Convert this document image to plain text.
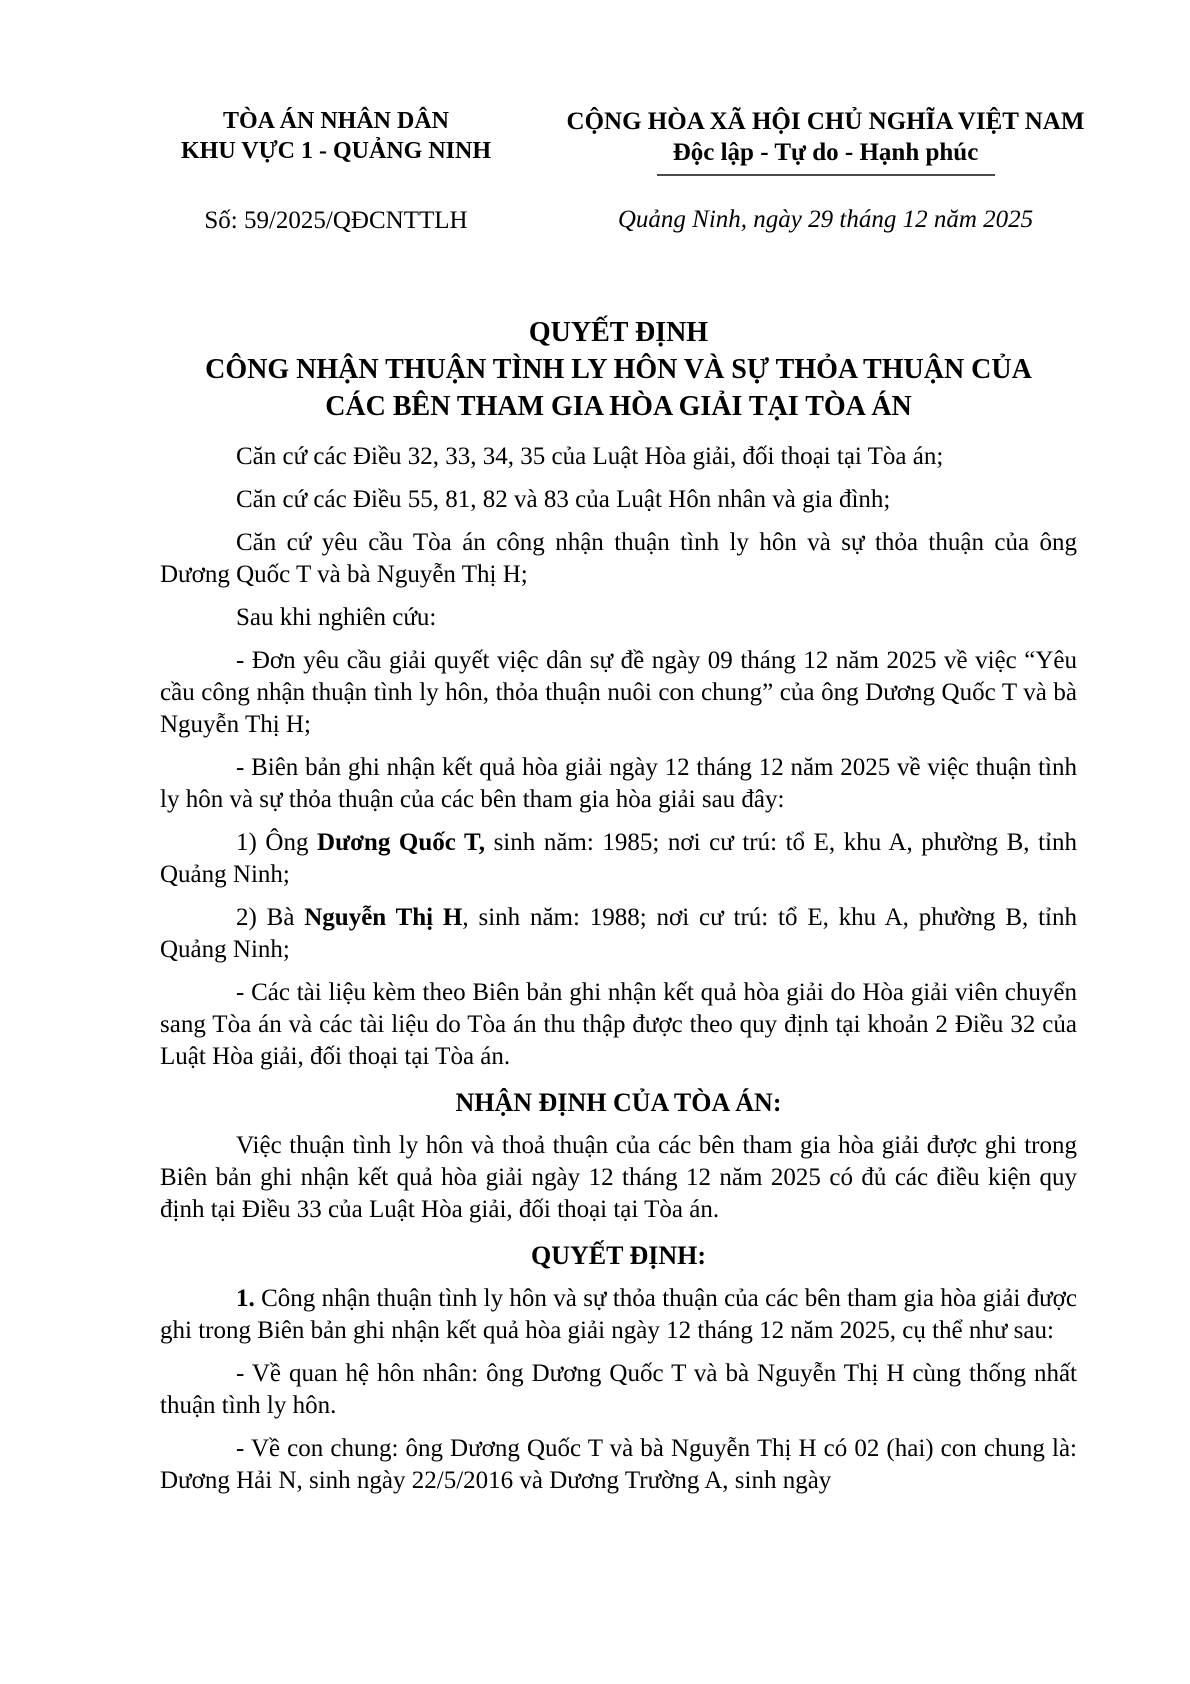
TÒA ÁN NHÂN DÂN
KHU VỰC 1 - QUẢNG NINH
Số: 59/2025/QĐCNTTLH
CỘNG HÒA XÃ HỘI CHỦ NGHĨA VIỆT NAM
Độc lập - Tự do - Hạnh phúc
Quảng Ninh, ngày 29 tháng 12 năm 2025
QUYẾT ĐỊNH
CÔNG NHẬN THUẬN TÌNH LY HÔN VÀ SỰ THỎA THUẬN CỦA
CÁC BÊN THAM GIA HÒA GIẢI TẠI TÒA ÁN

Căn cứ các Điều 32, 33, 34, 35 của Luật Hòa giải, đối thoại tại Tòa án;

Căn cứ các Điều 55, 81, 82 và 83 của Luật Hôn nhân và gia đình;

Căn cứ yêu cầu Tòa án công nhận thuận tình ly hôn và sự thỏa thuận của ông Dương Quốc T và bà Nguyễn Thị H;

Sau khi nghiên cứu:

- Đơn yêu cầu giải quyết việc dân sự đề ngày 09 tháng 12 năm 2025 về việc “Yêu cầu công nhận thuận tình ly hôn, thỏa thuận nuôi con chung” của ông Dương Quốc T và bà Nguyễn Thị H;

- Biên bản ghi nhận kết quả hòa giải ngày 12 tháng 12 năm 2025 về việc thuận tình ly hôn và sự thỏa thuận của các bên tham gia hòa giải sau đây:

1) Ông Dương Quốc T, sinh năm: 1985; nơi cư trú: tổ E, khu A, phường B, tỉnh Quảng Ninh;

2) Bà Nguyễn Thị H, sinh năm: 1988; nơi cư trú: tổ E, khu A, phường B, tỉnh Quảng Ninh;

- Các tài liệu kèm theo Biên bản ghi nhận kết quả hòa giải do Hòa giải viên chuyển sang Tòa án và các tài liệu do Tòa án thu thập được theo quy định tại khoản 2 Điều 32 của Luật Hòa giải, đối thoại tại Tòa án.

NHẬN ĐỊNH CỦA TÒA ÁN:

Việc thuận tình ly hôn và thoả thuận của các bên tham gia hòa giải được ghi trong Biên bản ghi nhận kết quả hòa giải ngày 12 tháng 12 năm 2025 có đủ các điều kiện quy định tại Điều 33 của Luật Hòa giải, đối thoại tại Tòa án.

QUYẾT ĐỊNH:

1. Công nhận thuận tình ly hôn và sự thỏa thuận của các bên tham gia hòa giải được ghi trong Biên bản ghi nhận kết quả hòa giải ngày 12 tháng 12 năm 2025, cụ thể như sau:

- Về quan hệ hôn nhân: ông Dương Quốc T và bà Nguyễn Thị H cùng thống nhất thuận tình ly hôn.

- Về con chung: ông Dương Quốc T và bà Nguyễn Thị H có 02 (hai) con chung là: Dương Hải N, sinh ngày 22/5/2016 và Dương Trường A, sinh ngày
